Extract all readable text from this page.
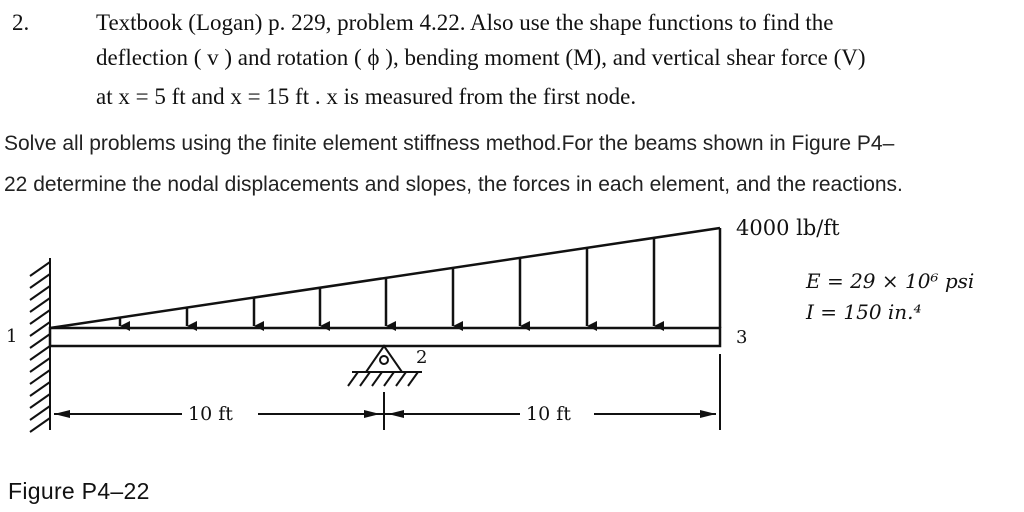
2.	Textbook (Logan) p. 229, problem 4.22. Also use the shape functions to find the
deflection ( v ) and rotation ( ϕ ), bending moment (M), and vertical shear force (V)
at x = 5 ft and x = 15 ft . x is measured from the first node.
Solve all problems using the finite element stiffness method.For the beams shown in Figure P4–
22 determine the nodal displacements and slopes, the forces in each element, and the reactions.
1
2
3
10 ft	10 ft
4000 lb/ft
E = 29 × 10⁶ psi
I = 150 in.⁴
Figure P4–22
